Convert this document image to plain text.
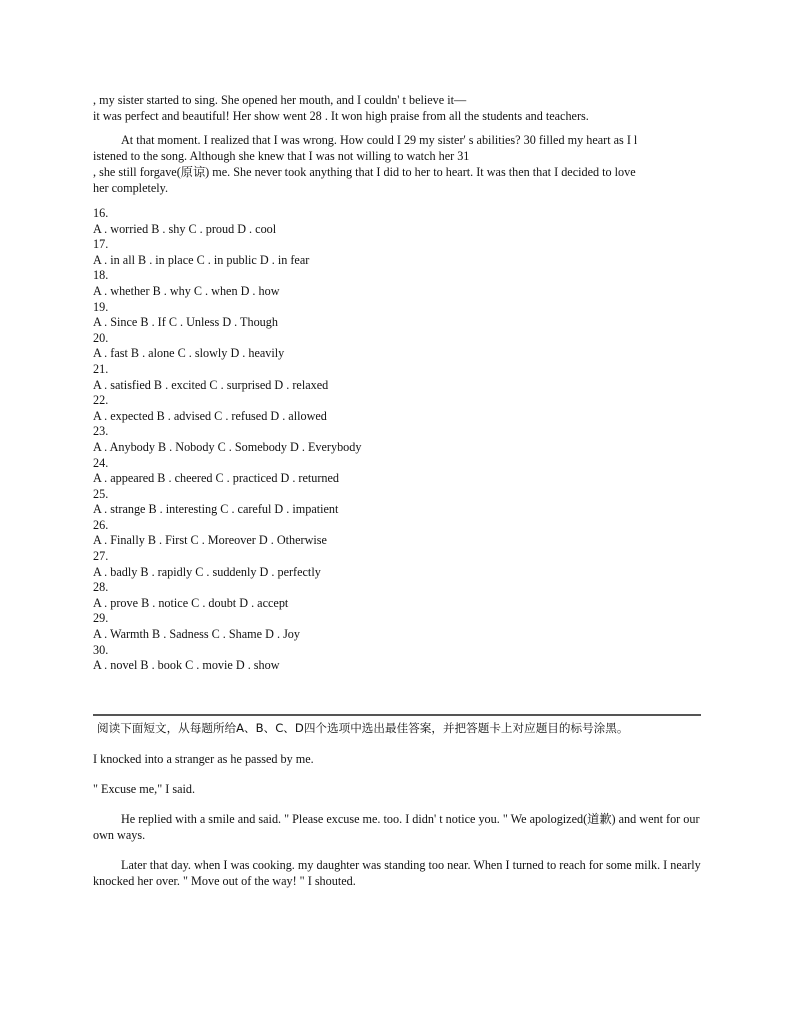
, my sister started to sing. She opened her mouth, and I couldn' t believe it—
it was perfect and beautiful! Her show went 28 . It won high praise from all the students and teachers.
At that moment. I realized that I was wrong. How could I 29 my sister' s abilities? 30 filled my heart as I l
istened to the song. Although she knew that I was not willing to watch her 31
, she still forgave(原谅) me. She never took anything that I did to her to heart. It was then that I decided to love
her completely.
16.
A . worried B . shy C . proud D . cool
17.
A . in all B . in place C . in public D . in fear
18.
A . whether B . why C . when D . how
19.
A . Since B . If C . Unless D . Though
20.
A . fast B . alone C . slowly D . heavily
21.
A . satisfied B . excited C . surprised D . relaxed
22.
A . expected B . advised C . refused D . allowed
23.
A . Anybody B . Nobody C . Somebody D . Everybody
24.
A . appeared B . cheered C . practiced D . returned
25.
A . strange B . interesting C . careful D . impatient
26.
A . Finally B . First C . Moreover D . Otherwise
27.
A . badly B . rapidly C . suddenly D . perfectly
28.
A . prove B . notice C . doubt D . accept
29.
A . Warmth B . Sadness C . Shame D . Joy
30.
A . novel B . book C . movie D . show

阅读下面短文，从每题所给A、B、C、D四个选项中选出最佳答案，并把答题卡上对应题目的标号涂黑。

I knocked into a stranger as he passed by me.

" Excuse me," I said.

He replied with a smile and said. " Please excuse me. too. I didn' t notice you. " We apologized(道歉) and went for our own ways.

Later that day. when I was cooking. my daughter was standing too near. When I turned to reach for some milk. I nearly knocked her over. " Move out of the way! " I shouted.
